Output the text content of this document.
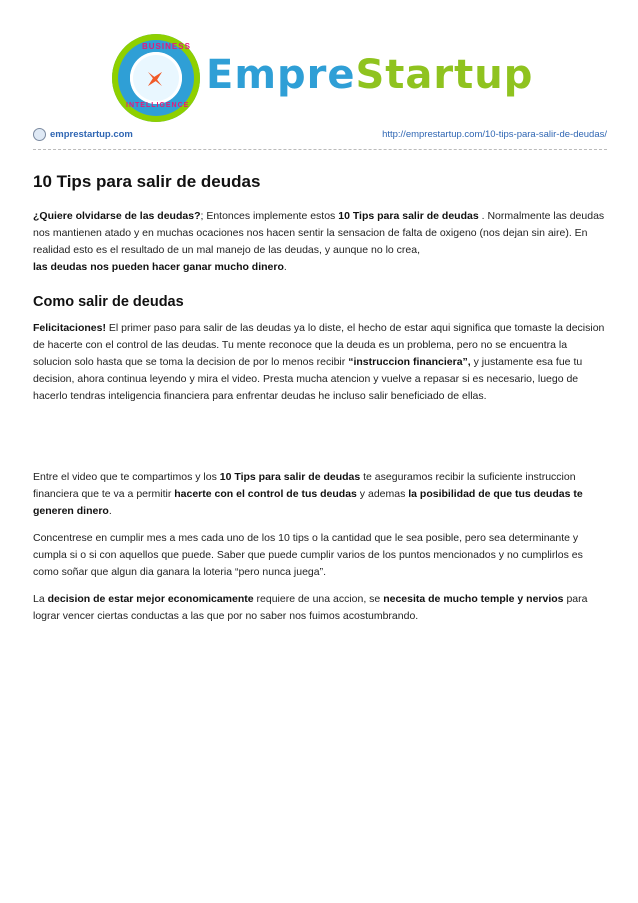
BUSINESS
INTELLIGENCE
EmpreStartup
emprestartup.com	http://emprestartup.com/10-tips-para-salir-de-deudas/
10 Tips para salir de deudas

¿Quiere olvidarse de las deudas?; Entonces implemente estos 10 Tips para salir de deudas . Normalmente las deudas nos mantienen atado y en muchas ocaciones nos hacen sentir la sensacion de falta de oxigeno (nos dejan sin aire). En realidad esto es el resultado de un mal manejo de las deudas, y aunque no lo crea,
las deudas nos pueden hacer ganar mucho dinero.

Como salir de deudas

Felicitaciones! El primer paso para salir de las deudas ya lo diste, el hecho de estar aqui significa que tomaste la decision de hacerte con el control de las deudas. Tu mente reconoce que la deuda es un problema, pero no se encuentra la solucion solo hasta que se toma la decision de por lo menos recibir “instruccion financiera”, y justamente esa fue tu decision, ahora continua leyendo y mira el video. Presta mucha atencion y vuelve a repasar si es necesario, luego de hacerlo tendras inteligencia financiera para enfrentar deudas he incluso salir beneficiado de ellas.

Entre el video que te compartimos y los 10 Tips para salir de deudas te aseguramos recibir la suficiente instruccion financiera que te va a permitir hacerte con el control de tus deudas y ademas la posibilidad de que tus deudas te generen dinero.

Concentrese en cumplir mes a mes cada uno de los 10 tips o la cantidad que le sea posible, pero sea determinante y cumpla si o si con aquellos que puede. Saber que puede cumplir varios de los puntos mencionados y no cumplirlos es como soñar que algun dia ganara la loteria “pero nunca juega”.

La decision de estar mejor economicamente requiere de una accion, se necesita de mucho temple y nervios para lograr vencer ciertas conductas a las que por no saber nos fuimos acostumbrando.
